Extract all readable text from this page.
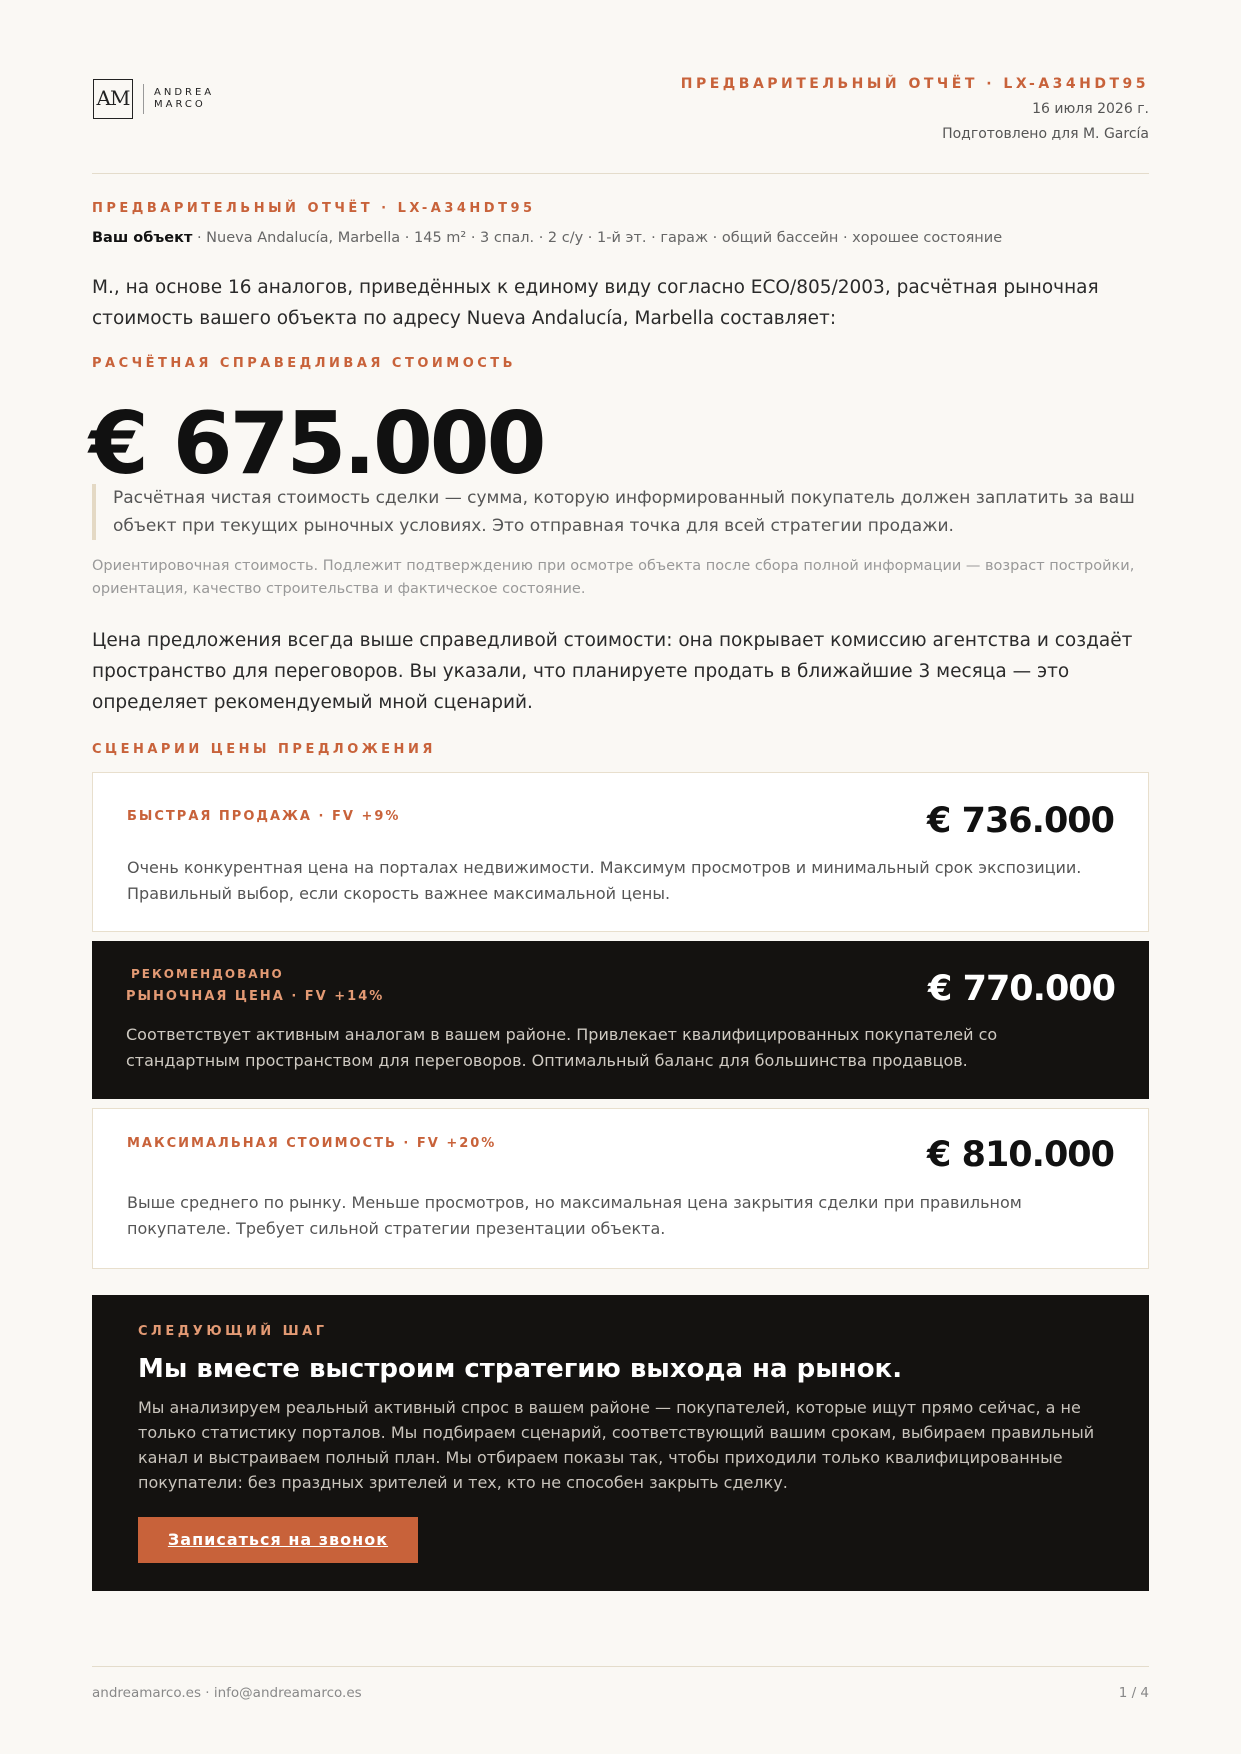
AM	ANDREA
MARCO
ПРЕДВАРИТЕЛЬНЫЙ ОТЧЁТ · LX-A34HDT95
16 июля 2026 г.
Подготовлено для M. García
ПРЕДВАРИТЕЛЬНЫЙ ОТЧЁТ · LX-A34HDT95
Ваш объект · Nueva Andalucía, Marbella · 145 m² · 3 спал. · 2 с/у · 1-й эт. · гараж · общий бассейн · хорошее состояние
М., на основе 16 аналогов, приведённых к единому виду согласно ECO/805/2003, расчётная рыночная стоимость вашего объекта по адресу Nueva Andalucía, Marbella составляет:
РАСЧЁТНАЯ СПРАВЕДЛИВАЯ СТОИМОСТЬ
€ 675.000
Расчётная чистая стоимость сделки — сумма, которую информированный покупатель должен заплатить за ваш объект при текущих рыночных условиях. Это отправная точка для всей стратегии продажи.
Ориентировочная стоимость. Подлежит подтверждению при осмотре объекта после сбора полной информации — возраст постройки, ориентация, качество строительства и фактическое состояние.
Цена предложения всегда выше справедливой стоимости: она покрывает комиссию агентства и создаёт пространство для переговоров. Вы указали, что планируете продать в ближайшие 3 месяца — это определяет рекомендуемый мной сценарий.
СЦЕНАРИИ ЦЕНЫ ПРЕДЛОЖЕНИЯ
БЫСТРАЯ ПРОДАЖА · FV +9%	€ 736.000
Очень конкурентная цена на порталах недвижимости. Максимум просмотров и минимальный срок экспозиции. Правильный выбор, если скорость важнее максимальной цены.
РЕКОМЕНДОВАНО
РЫНОЧНАЯ ЦЕНА · FV +14%	€ 770.000
Соответствует активным аналогам в вашем районе. Привлекает квалифицированных покупателей со стандартным пространством для переговоров. Оптимальный баланс для большинства продавцов.
МАКСИМАЛЬНАЯ СТОИМОСТЬ · FV +20%	€ 810.000
Выше среднего по рынку. Меньше просмотров, но максимальная цена закрытия сделки при правильном покупателе. Требует сильной стратегии презентации объекта.
СЛЕДУЮЩИЙ ШАГ
Мы вместе выстроим стратегию выхода на рынок.
Мы анализируем реальный активный спрос в вашем районе — покупателей, которые ищут прямо сейчас, а не только статистику порталов. Мы подбираем сценарий, соответствующий вашим срокам, выбираем правильный канал и выстраиваем полный план. Мы отбираем показы так, чтобы приходили только квалифицированные покупатели: без праздных зрителей и тех, кто не способен закрыть сделку.
Записаться на звонок
andreamarco.es · info@andreamarco.es	1 / 4
